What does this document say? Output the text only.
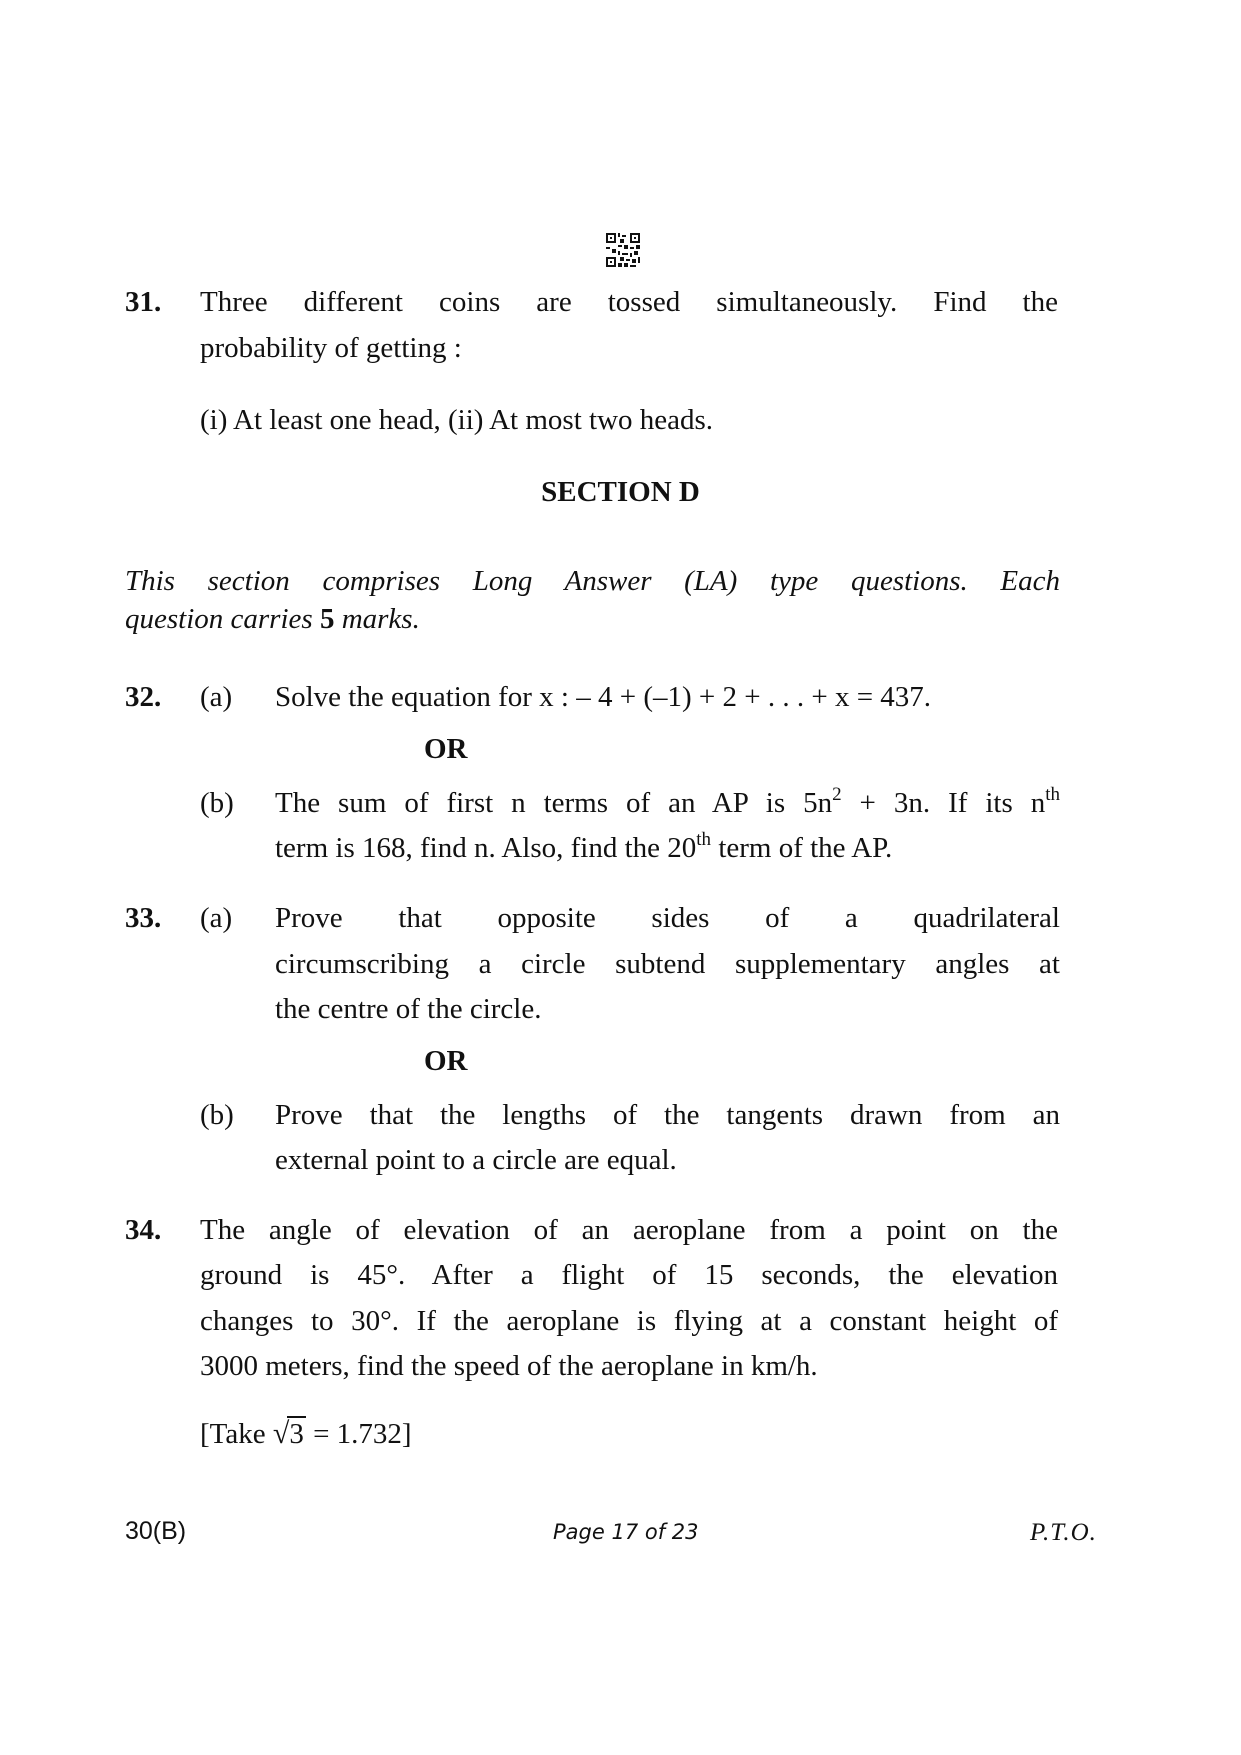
31. Three different coins are tossed simultaneously. Find the
probability of getting :
(i) At least one head, (ii) At most two heads.
SECTION D
This section comprises Long Answer (LA) type questions. Each
question carries 5 marks.
32. (a) Solve the equation for x : – 4 + (–1) + 2 + . . . + x = 437.
OR
(b) The sum of first n terms of an AP is $5n^2 + 3n$. If its $n^{th}$
term is 168, find n. Also, find the 20th term of the AP.
33. (a) Prove that opposite sides of a quadrilateral
circumscribing a circle subtend supplementary angles at
the centre of the circle.
OR
(b) Prove that the lengths of the tangents drawn from an
external point to a circle are equal.
34. The angle of elevation of an aeroplane from a point on the
ground is 45°. After a flight of 15 seconds, the elevation
changes to 30°. If the aeroplane is flying at a constant height of
3000 meters, find the speed of the aeroplane in km/h.
[Take √3 = 1.732]
30(B)	Page 17 of 23	P.T.O.
